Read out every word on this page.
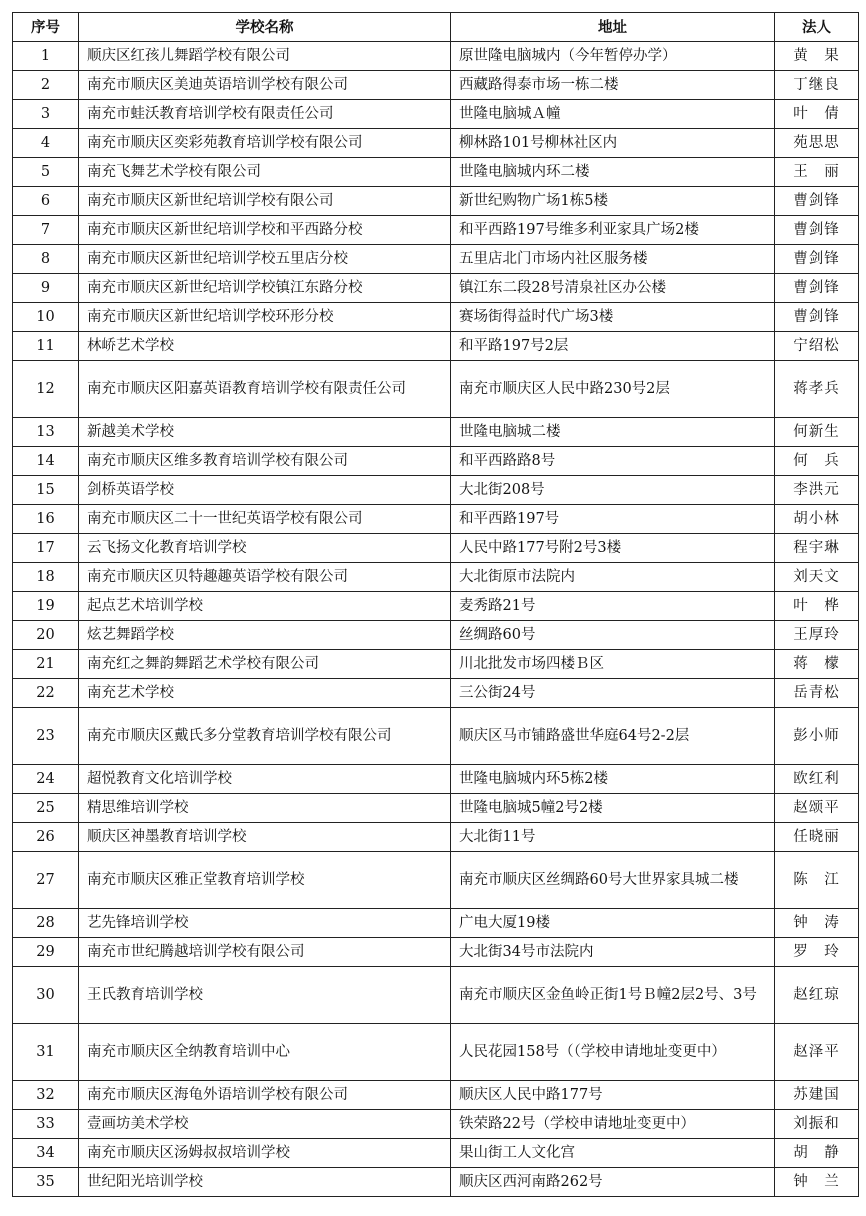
序号	学校名称	地址	法人
1	顺庆区红孩儿舞蹈学校有限公司	原世隆电脑城内（今年暂停办学）	黄　果
2	南充市顺庆区美迪英语培训学校有限公司	西藏路得泰市场一栋二楼	丁继良
3	南充市蛙沃教育培训学校有限责任公司	世隆电脑城Ａ幢	叶　倩
4	南充市顺庆区奕彩苑教育培训学校有限公司	柳林路101号柳林社区内	苑思思
5	南充飞舞艺术学校有限公司	世隆电脑城内环二楼	王　丽
6	南充市顺庆区新世纪培训学校有限公司	新世纪购物广场1栋5楼	曹剑锋
7	南充市顺庆区新世纪培训学校和平西路分校	和平西路197号维多利亚家具广场2楼	曹剑锋
8	南充市顺庆区新世纪培训学校五里店分校	五里店北门市场内社区服务楼	曹剑锋
9	南充市顺庆区新世纪培训学校镇江东路分校	镇江东二段28号清泉社区办公楼	曹剑锋
10	南充市顺庆区新世纪培训学校环形分校	赛场街得益时代广场3楼	曹剑锋
11	林峤艺术学校	和平路197号2层	宁绍松
12	南充市顺庆区阳嘉英语教育培训学校有限责任公司	南充市顺庆区人民中路230号2层	蒋孝兵
13	新越美术学校	世隆电脑城二楼	何新生
14	南充市顺庆区维多教育培训学校有限公司	和平西路路8号	何　兵
15	剑桥英语学校	大北街208号	李洪元
16	南充市顺庆区二十一世纪英语学校有限公司	和平西路197号	胡小林
17	云飞扬文化教育培训学校	人民中路177号附2号3楼	程宇琳
18	南充市顺庆区贝特趣趣英语学校有限公司	大北街原市法院内	刘天文
19	起点艺术培训学校	麦秀路21号	叶　桦
20	炫艺舞蹈学校	丝绸路60号	王厚玲
21	南充红之舞韵舞蹈艺术学校有限公司	川北批发市场四楼Ｂ区	蒋　檬
22	南充艺术学校	三公街24号	岳青松
23	南充市顺庆区戴氏多分堂教育培训学校有限公司	顺庆区马市铺路盛世华庭64号2-2层	彭小师
24	超悦教育文化培训学校	世隆电脑城内环5栋2楼	欧红利
25	精思维培训学校	世隆电脑城5幢2号2楼	赵颂平
26	顺庆区神墨教育培训学校	大北街11号	任晓丽
27	南充市顺庆区雅正堂教育培训学校	南充市顺庆区丝绸路60号大世界家具城二楼	陈　江
28	艺先锋培训学校	广电大厦19楼	钟　涛
29	南充市世纪腾越培训学校有限公司	大北街34号市法院内	罗　玲
30	王氏教育培训学校	南充市顺庆区金鱼岭正街1号Ｂ幢2层2号、3号	赵红琼
31	南充市顺庆区全纳教育培训中心	人民花园158号（（学校申请地址变更中）	赵泽平
32	南充市顺庆区海龟外语培训学校有限公司	顺庆区人民中路177号	苏建国
33	壹画坊美术学校	铁荣路22号（学校申请地址变更中）	刘振和
34	南充市顺庆区汤姆叔叔培训学校	果山街工人文化宫	胡　静
35	世纪阳光培训学校	顺庆区西河南路262号	钟　兰
